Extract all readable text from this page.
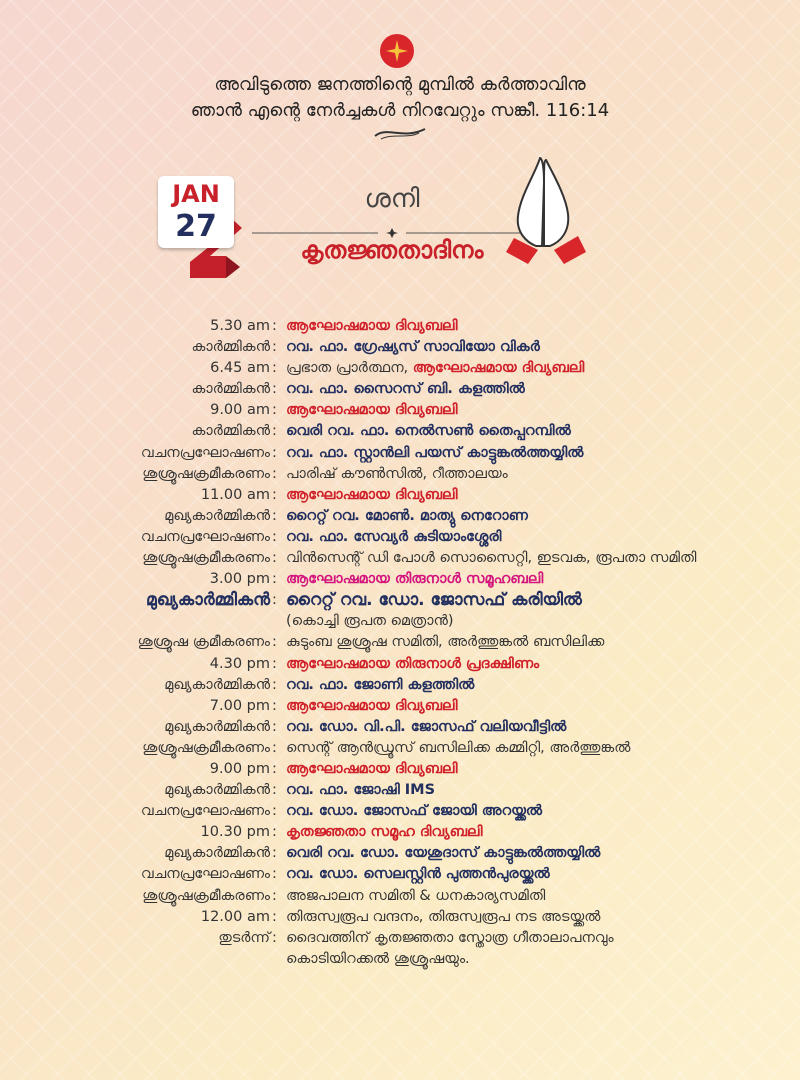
അവിടുത്തെ ജനത്തിന്റെ മുമ്പിൽ കർത്താവിനു
ഞാൻ എന്റെ നേർച്ചകൾ നിറവേറ്റും സങ്കീ. 116:14
JAN
27
ശനി
കൃതജ്ഞതാദിനം
5.30 am : ആഘോഷമായ ദിവ്യബലി
കാർമ്മികൻ : റവ. ഫാ. ഗ്രേഷ്യസ് സാവിയോ വികർ
6.45 am : പ്രഭാത പ്രാർത്ഥന, ആഘോഷമായ ദിവ്യബലി
കാർമ്മികൻ : റവ. ഫാ. സൈറസ് ബി. കളത്തിൽ
9.00 am : ആഘോഷമായ ദിവ്യബലി
കാർമ്മികൻ : വെരി റവ. ഫാ. നെൽസൺ തൈപ്പറമ്പിൽ
വചനപ്രഘോഷണം : റവ. ഫാ. സ്റ്റാൻലി പയസ് കാട്ടുങ്കൽത്തയ്യിൽ
ശുശ്രൂഷക്രമീകരണം : പാരിഷ് കൗൺസിൽ, റീത്താലയം
11.00 am : ആഘോഷമായ ദിവ്യബലി
മുഖ്യകാർമ്മികൻ : റൈറ്റ് റവ. മോൺ. മാത്യു നെറോണ
വചനപ്രഘോഷണം : റവ. ഫാ. സേവ്യർ കുടിയാംശ്ശേരി
ശുശ്രൂഷക്രമീകരണം : വിൻസെന്റ് ഡി പോൾ സൊസൈറ്റി, ഇടവക, രൂപതാ സമിതി
3.00 pm : ആഘോഷമായ തിരുനാൾ സമൂഹബലി
മുഖ്യകാർമ്മികൻ : റൈറ്റ് റവ. ഡോ. ജോസഫ് കരിയിൽ
(കൊച്ചി രൂപത മെത്രാൻ)
ശുശ്രൂഷ ക്രമീകരണം : കുടുംബ ശുശ്രൂഷ സമിതി, അർത്തുങ്കൽ ബസിലിക്ക
4.30 pm : ആഘോഷമായ തിരുനാൾ പ്രദക്ഷിണം
മുഖ്യകാർമ്മികൻ : റവ. ഫാ. ജോണി കളത്തിൽ
7.00 pm : ആഘോഷമായ ദിവ്യബലി
മുഖ്യകാർമ്മികൻ : റവ. ഡോ. വി.പി. ജോസഫ് വലിയവീട്ടിൽ
ശുശ്രൂഷക്രമീകരണം : സെന്റ് ആൻഡ്രൂസ് ബസിലിക്ക കമ്മിറ്റി, അർത്തുങ്കൽ
9.00 pm : ആഘോഷമായ ദിവ്യബലി
മുഖ്യകാർമ്മികൻ : റവ. ഫാ. ജോഷി IMS
വചനപ്രഘോഷണം : റവ. ഡോ. ജോസഫ് ജോയി അറയ്ക്കൽ
10.30 pm : കൃതജ്ഞതാ സമൂഹ ദിവ്യബലി
മുഖ്യകാർമ്മികൻ : വെരി റവ. ഡോ. യേശുദാസ് കാട്ടുങ്കൽത്തയ്യിൽ
വചനപ്രഘോഷണം : റവ. ഡോ. സെലസ്റ്റിൻ പുത്തൻപുരയ്ക്കൽ
ശുശ്രൂഷക്രമീകരണം : അജപാലന സമിതി & ധനകാര്യസമിതി
12.00 am : തിരുസ്വരൂപ വന്ദനം, തിരുസ്വരൂപ നട അടയ്ക്കൽ
തുടർന്ന് : ദൈവത്തിന് കൃതജ്ഞതാ സ്തോത്ര ഗീതാലാപനവും
കൊടിയിറക്കൽ ശുശ്രൂഷയും.
